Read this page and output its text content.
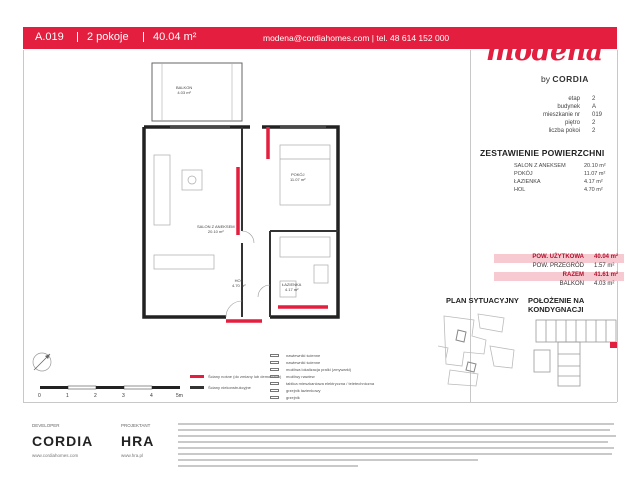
A.019 2 pokoje 40.04 m²	modena@cordiahomes.com | tel. 48 614 152 000 modena
by CORDIA
etap 2
budynek A
mieszkanie nr 019
piętro 2
liczba pokoi 2
ZESTAWIENIE POWIERZCHNI
SALON Z ANEKSEM	20.10 m²
POKÓJ	11.07 m²
ŁAZIENKA	4.17 m²
HOL	4.70 m²
POW. UŻYTKOWA 40.04 m²
POW. PRZEGRÓD 1.57 m²
RAZEM 41.61 m²
BALKON 4.03 m²
PLAN SYTUACYJNY POŁOŻENIE NA KONDYGNACJI
BALKON
4.03 m²
POKÓJ
11.07 m²
SALON Z ANEKSEM
20.10 m²
HOL
4.70 m²	ŁAZIENKA
4.17 m²
0	1	2	3	4	5m
Ściany nośne (do zmiany lub demontażu)
Ściany niekonstrukcyjne
nawiewniki ścienne
nawiewniki ścienne
możliwa lokalizacja pralki (zmywarki)
możliwy nawiew
tablica mieszkaniowa elektryczna / teletechniczna
grzejnik łazienkowy
grzejnik
DEVELOPER
CORDIA
www.cordiahomes.com
PROJEKTANT
HRA
www.hra.pl
